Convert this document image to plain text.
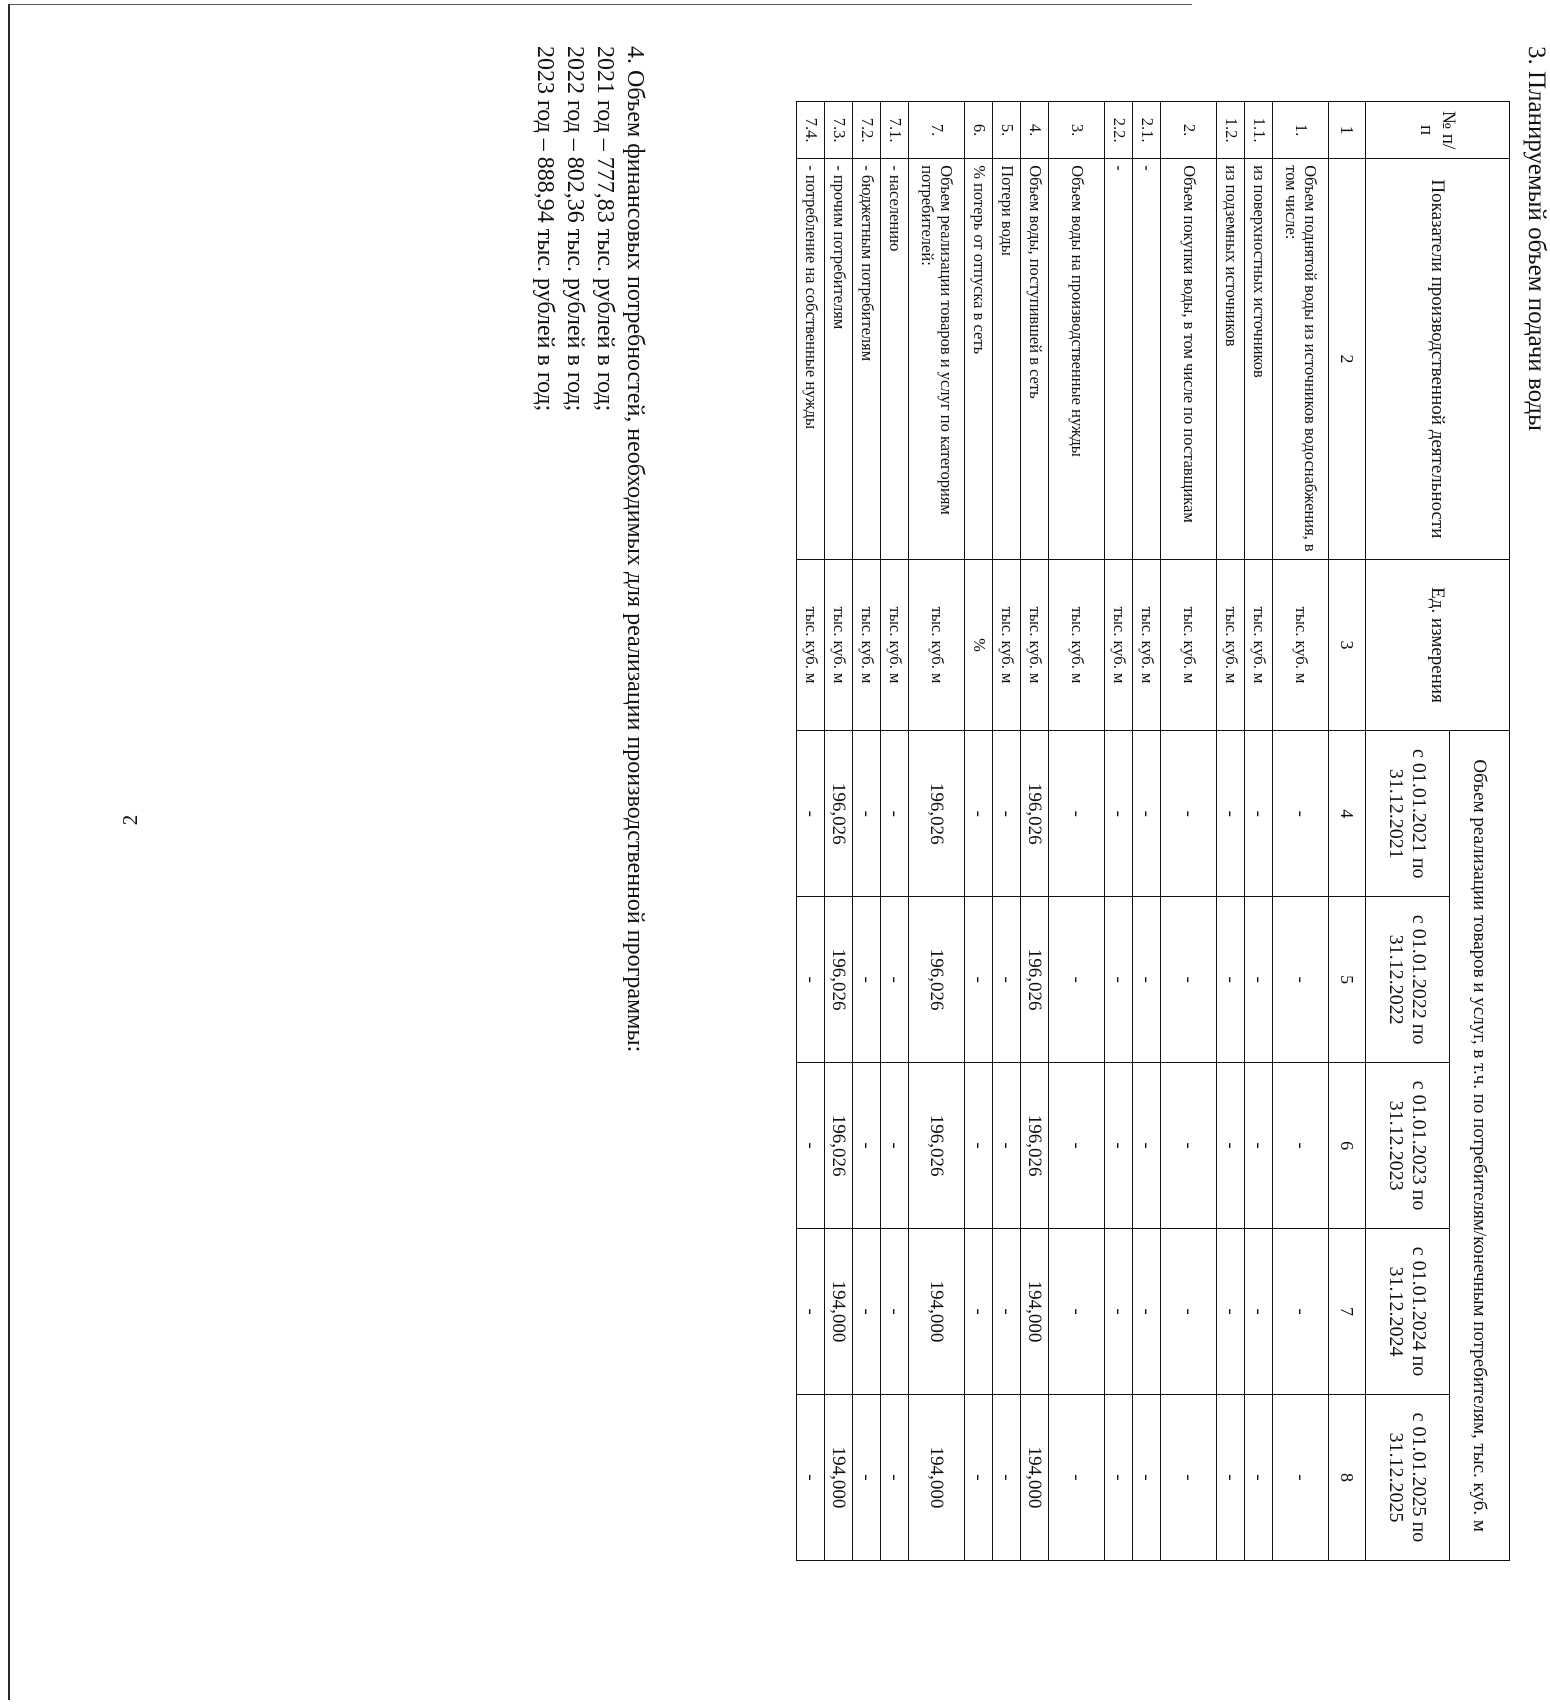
2
3. Планируемый объем подачи воды
№ п/п	Показатели производственной деятельности	Ед. измерения	Объем реализации товаров и услуг, в т.ч. по потребителям/конечным потребителям, тыс. куб. м				
			с 01.01.2021 по 31.12.2021	с 01.01.2022 по 31.12.2022	с 01.01.2023 по 31.12.2023	с 01.01.2024 по 31.12.2024	с 01.01.2025 по 31.12.2025
1	2	3	4	5	6	7	8
1.	Объем поднятой воды из источников водоснабжения, в том числе:	тыс. куб. м	-	-	-	-	-
1.1.	из поверхностных источников	тыс. куб. м	-	-	-	-	-
1.2.	из подземных источников	тыс. куб. м	-	-	-	-	-
2.	Объем покупки воды, в том числе по поставщикам	тыс. куб. м	-	-	-	-	-
2.1.	-	тыс. куб. м	-	-	-	-	-
2.2.	-	тыс. куб. м	-	-	-	-	-
3.	Объем воды на производственные нужды	тыс. куб. м	-	-	-	-	-
4.	Объем воды, поступившей в сеть	тыс. куб. м	196,026	196,026	196,026	194,000	194,000
5.	Потери воды	тыс. куб. м	-	-	-	-	-
6.	% потерь от отпуска в сеть	%	-	-	-	-	-
7.	Объем реализации товаров и услуг по категориям потребителей:	тыс. куб. м	196,026	196,026	196,026	194,000	194,000
7.1.	- населению	тыс. куб. м	-	-	-	-	-
7.2.	- бюджетным потребителям	тыс. куб. м	-	-	-	-	-
7.3.	- прочим потребителям	тыс. куб. м	196,026	196,026	196,026	194,000	194,000
7.4.	- потребление на собственные нужды	тыс. куб. м	-	-	-	-	-

4. Объем финансовых потребностей, необходимых для реализации производственной программы:

2021 год – 777,83 тыс. рублей в год;

2022 год – 802,36 тыс. рублей в год;

2023 год – 888,94 тыс. рублей в год;
